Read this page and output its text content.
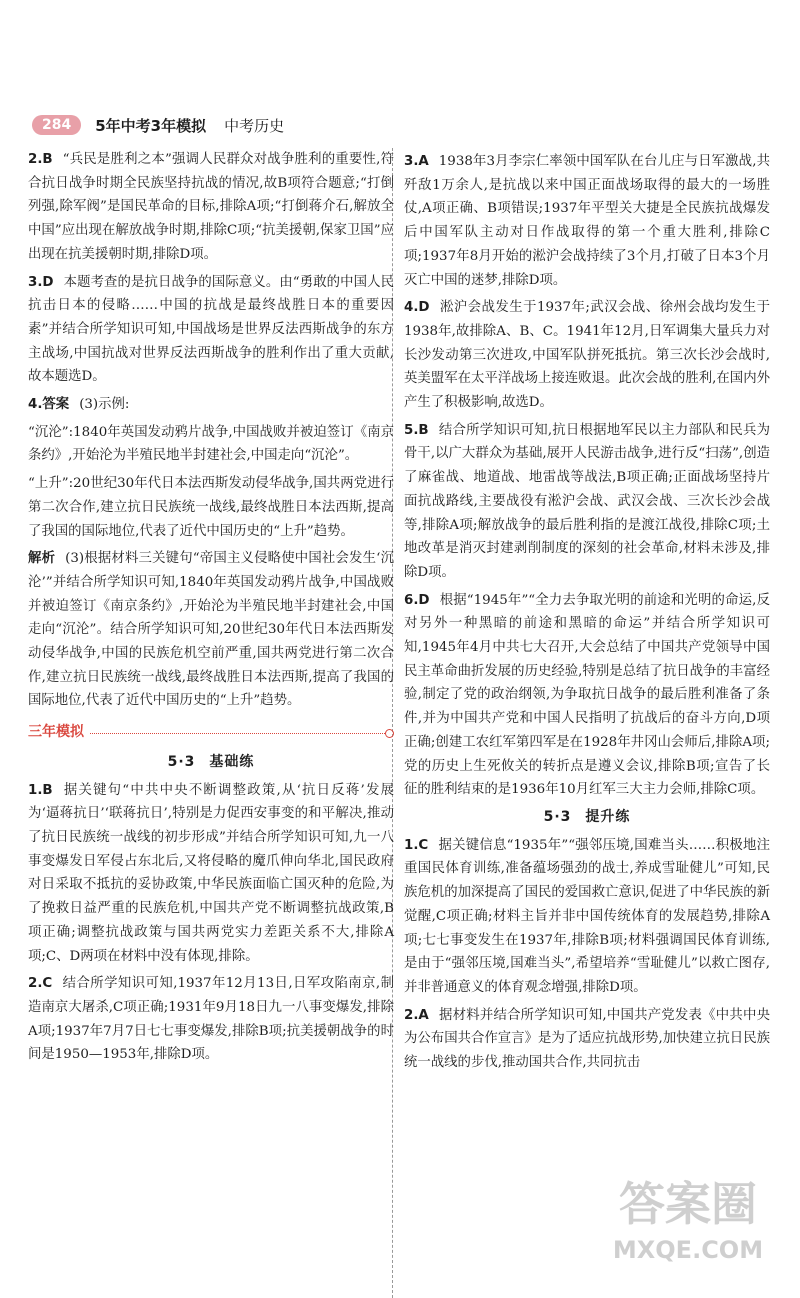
284	5年中考3年模拟 中考历史

2.B “兵民是胜利之本”强调人民群众对战争胜利的重要性,符合抗日战争时期全民族坚持抗战的情况,故B项符合题意;“打倒列强,除军阀”是国民革命的目标,排除A项;“打倒蒋介石,解放全中国”应出现在解放战争时期,排除C项;“抗美援朝,保家卫国”应出现在抗美援朝时期,排除D项。

3.D 本题考查的是抗日战争的国际意义。由“勇敢的中国人民抗击日本的侵略……中国的抗战是最终战胜日本的重要因素”并结合所学知识可知,中国战场是世界反法西斯战争的东方主战场,中国抗战对世界反法西斯战争的胜利作出了重大贡献,故本题选D。

4.答案 (3)示例:

“沉沦”:1840年英国发动鸦片战争,中国战败并被迫签订《南京条约》,开始沦为半殖民地半封建社会,中国走向“沉沦”。

“上升”:20世纪30年代日本法西斯发动侵华战争,国共两党进行第二次合作,建立抗日民族统一战线,最终战胜日本法西斯,提高了我国的国际地位,代表了近代中国历史的“上升”趋势。

解析 (3)根据材料三关键句“帝国主义侵略使中国社会发生‘沉沦’”并结合所学知识可知,1840年英国发动鸦片战争,中国战败并被迫签订《南京条约》,开始沦为半殖民地半封建社会,中国走向“沉沦”。结合所学知识可知,20世纪30年代日本法西斯发动侵华战争,中国的民族危机空前严重,国共两党进行第二次合作,建立抗日民族统一战线,最终战胜日本法西斯,提高了我国的国际地位,代表了近代中国历史的“上升”趋势。

三年模拟
5·3 基础练

1.B 据关键句“中共中央不断调整政策,从‘抗日反蒋’发展为‘逼蒋抗日’‘联蒋抗日’,特别是力促西安事变的和平解决,推动了抗日民族统一战线的初步形成”并结合所学知识可知,九一八事变爆发日军侵占东北后,又将侵略的魔爪伸向华北,国民政府对日采取不抵抗的妥协政策,中华民族面临亡国灭种的危险,为了挽救日益严重的民族危机,中国共产党不断调整抗战政策,B项正确;调整抗战政策与国共两党实力差距关系不大,排除A项;C、D两项在材料中没有体现,排除。

2.C 结合所学知识可知,1937年12月13日,日军攻陷南京,制造南京大屠杀,C项正确;1931年9月18日九一八事变爆发,排除A项;1937年7月7日七七事变爆发,排除B项;抗美援朝战争的时间是1950—1953年,排除D项。

3.A 1938年3月李宗仁率领中国军队在台儿庄与日军激战,共歼敌1万余人,是抗战以来中国正面战场取得的最大的一场胜仗,A项正确、B项错误;1937年平型关大捷是全民族抗战爆发后中国军队主动对日作战取得的第一个重大胜利,排除C项;1937年8月开始的淞沪会战持续了3个月,打破了日本3个月灭亡中国的迷梦,排除D项。

4.D 淞沪会战发生于1937年;武汉会战、徐州会战均发生于1938年,故排除A、B、C。1941年12月,日军调集大量兵力对长沙发动第三次进攻,中国军队拼死抵抗。第三次长沙会战时,英美盟军在太平洋战场上接连败退。此次会战的胜利,在国内外产生了积极影响,故选D。

5.B 结合所学知识可知,抗日根据地军民以主力部队和民兵为骨干,以广大群众为基础,展开人民游击战争,进行反“扫荡”,创造了麻雀战、地道战、地雷战等战法,B项正确;正面战场坚持片面抗战路线,主要战役有淞沪会战、武汉会战、三次长沙会战等,排除A项;解放战争的最后胜利指的是渡江战役,排除C项;土地改革是消灭封建剥削制度的深刻的社会革命,材料未涉及,排除D项。

6.D 根据“1945年”“全力去争取光明的前途和光明的命运,反对另外一种黑暗的前途和黑暗的命运”并结合所学知识可知,1945年4月中共七大召开,大会总结了中国共产党领导中国民主革命曲折发展的历史经验,特别是总结了抗日战争的丰富经验,制定了党的政治纲领,为争取抗日战争的最后胜利准备了条件,并为中国共产党和中国人民指明了抗战后的奋斗方向,D项正确;创建工农红军第四军是在1928年井冈山会师后,排除A项;党的历史上生死攸关的转折点是遵义会议,排除B项;宣告了长征的胜利结束的是1936年10月红军三大主力会师,排除C项。

5·3 提升练

1.C 据关键信息“1935年”“强邻压境,国难当头……积极地注重国民体育训练,准备蕴场强劲的战士,养成雪耻健儿”可知,民族危机的加深提高了国民的爱国救亡意识,促进了中华民族的新觉醒,C项正确;材料主旨并非中国传统体育的发展趋势,排除A项;七七事变发生在1937年,排除B项;材料强调国民体育训练,是由于“强邻压境,国难当头”,希望培养“雪耻健儿”以救亡图存,并非普通意义的体育观念增强,排除D项。

2.A 据材料并结合所学知识可知,中国共产党发表《中共中央为公布国共合作宣言》是为了适应抗战形势,加快建立抗日民族统一战线的步伐,推动国共合作,共同抗击

答案圈
MXQE.COM
